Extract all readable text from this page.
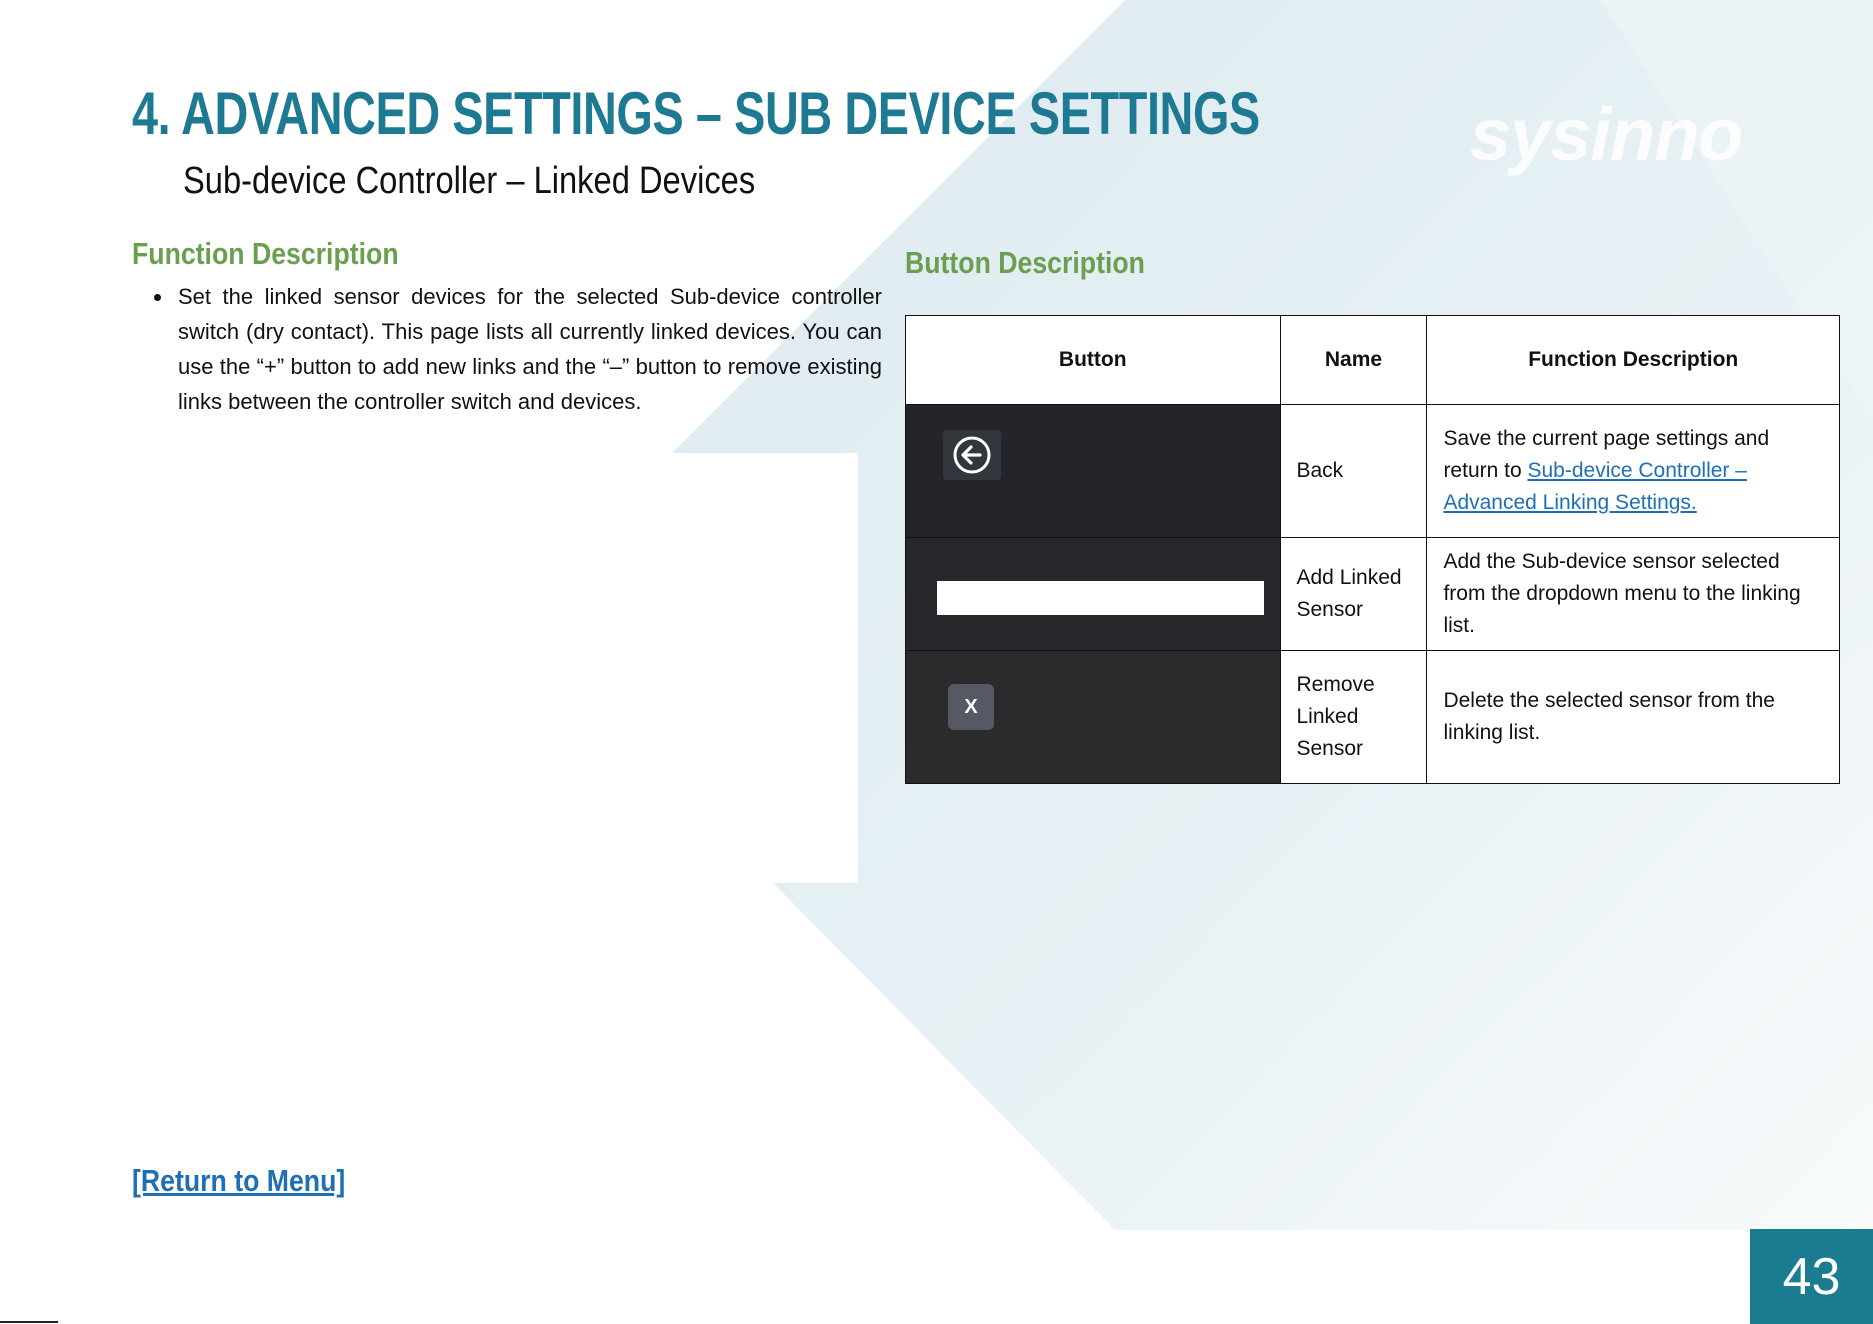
sysinno
4. ADVANCED SETTINGS – SUB DEVICE SETTINGS
Sub-device Controller – Linked Devices
Function Description
• Set the linked sensor devices for the selected Sub-device controller switch (dry contact). This page lists all currently linked devices. You can use the “+” button to add new links and the “–” button to remove existing links between the controller switch and devices.
Button Description
Button	Name	Function Description

	Back	Save the current page settings and return to Sub-device Controller – Advanced Linking Settings.

	Add Linked Sensor	Add the Sub-device sensor selected from the dropdown menu to the linking list.

X	Remove Linked Sensor	Delete the selected sensor from the linking list.
[Return to Menu]
43
